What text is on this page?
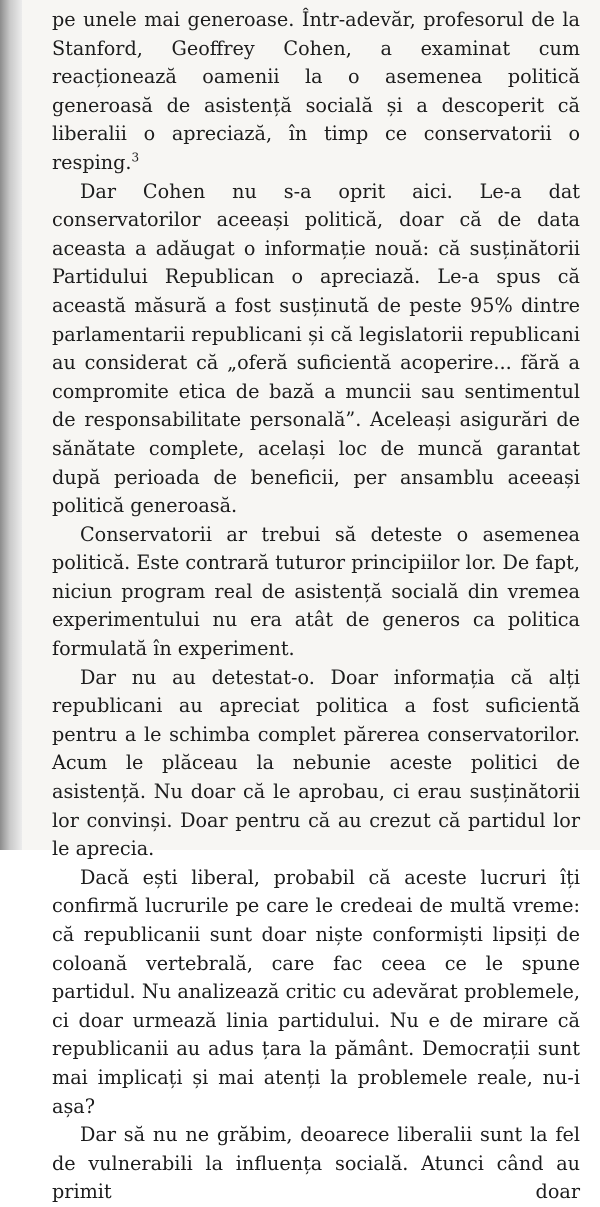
pe unele mai generoase. Într-adevăr, profesorul de la Stanford, Geoffrey Cohen, a examinat cum reacționează oamenii la o asemenea politică generoasă de asistență socială și a descoperit că liberalii o apreciază, în timp ce conservatorii o resping.$^3$

Dar Cohen nu s-a oprit aici. Le-a dat conservatorilor aceeași politică, doar că de data aceasta a adăugat o informație nouă: că susținătorii Partidului Republican o apreciază. Le-a spus că această măsură a fost susținută de peste 95% dintre parlamentarii republicani și că legislatorii republicani au considerat că „oferă suficientă acoperire... fără a compromite etica de bază a muncii sau sentimentul de responsabilitate personală”. Aceleași asigurări de sănătate complete, același loc de muncă garantat după perioada de beneficii, per ansamblu aceeași politică generoasă.

Conservatorii ar trebui să deteste o asemenea politică. Este contrară tuturor principiilor lor. De fapt, niciun program real de asistență socială din vremea experimentului nu era atât de generos ca politica formulată în experiment.

Dar nu au detestat-o. Doar informația că alți republicani au apreciat politica a fost suficientă pentru a le schimba complet părerea conservatorilor. Acum le plăceau la nebunie aceste politici de asistență. Nu doar că le aprobau, ci erau susținătorii lor convinși. Doar pentru că au crezut că partidul lor le aprecia.

Dacă ești liberal, probabil că aceste lucruri îți confirmă lucrurile pe care le credeai de multă vreme: că republicanii sunt doar niște conformiști lipsiți de coloană vertebrală, care fac ceea ce le spune partidul. Nu analizează critic cu adevărat problemele, ci doar urmează linia partidului. Nu e de mirare că republicanii au adus țara la pământ. Democrații sunt mai implicați și mai atenți la problemele reale, nu-i așa?

Dar să nu ne grăbim, deoarece liberalii sunt la fel de vulnerabili la influența socială. Atunci când au primit doar
